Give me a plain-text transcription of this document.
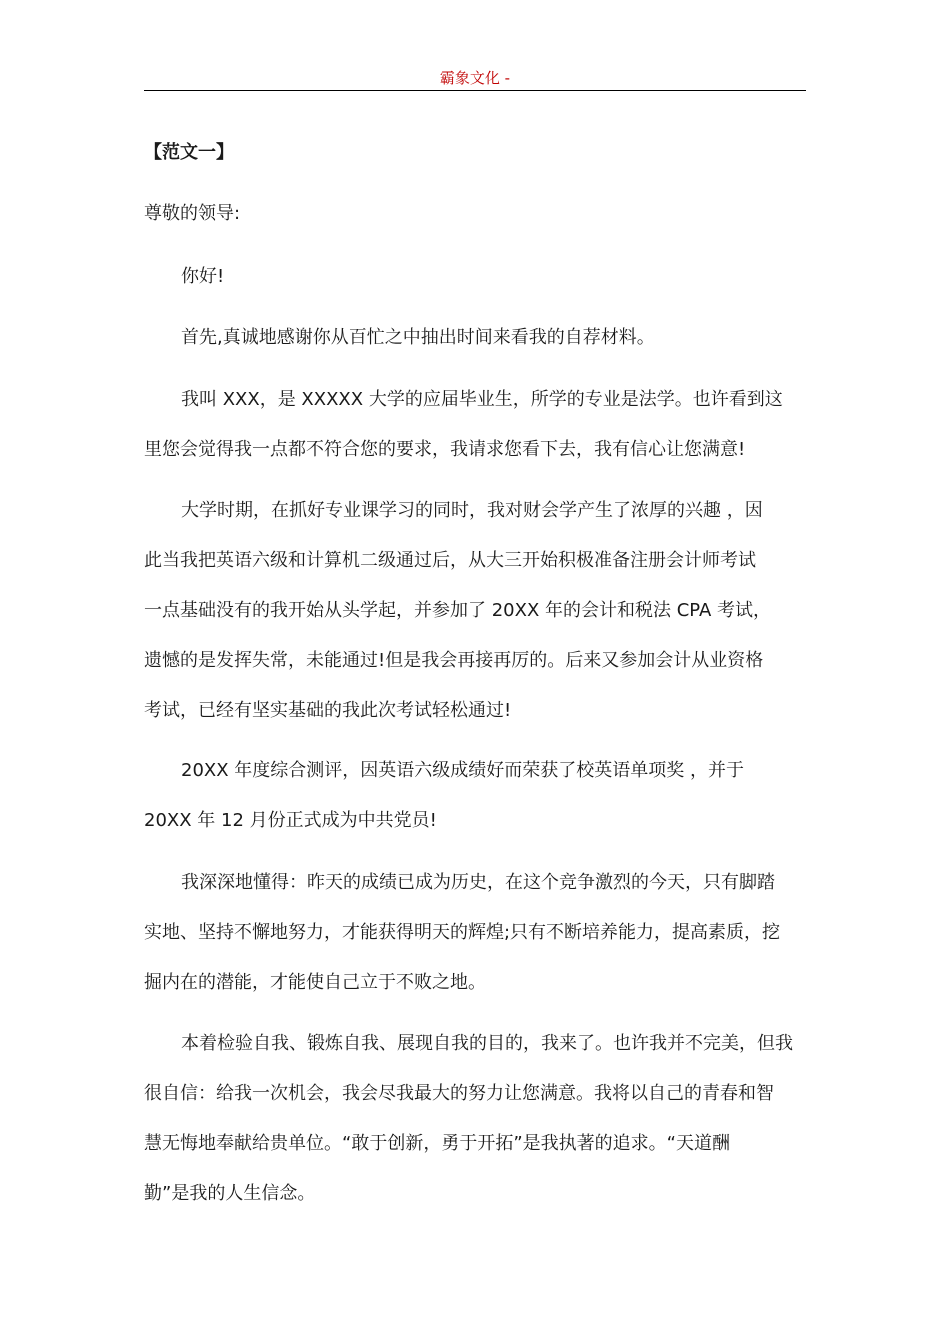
霸象文化 -
【范文一】
尊敬的领导:
你好!
首先,真诚地感谢你从百忙之中抽出时间来看我的自荐材料。
我叫 XXX，是 XXXXX 大学的应届毕业生，所学的专业是法学。也许看到这
里您会觉得我一点都不符合您的要求，我请求您看下去，我有信心让您满意!
大学时期，在抓好专业课学习的同时，我对财会学产生了浓厚的兴趣 ，因
此当我把英语六级和计算机二级通过后，从大三开始积极准备注册会计师考试
一点基础没有的我开始从头学起，并参加了 20XX 年的会计和税法 CPA 考试，
遗憾的是发挥失常，未能通过!但是我会再接再厉的。后来又参加会计从业资格
考试，已经有坚实基础的我此次考试轻松通过!
20XX 年度综合测评，因英语六级成绩好而荣获了校英语单项奖 ，并于
20XX 年 12 月份正式成为中共党员!
我深深地懂得：昨天的成绩已成为历史，在这个竞争激烈的今天，只有脚踏
实地、坚持不懈地努力，才能获得明天的辉煌;只有不断培养能力，提高素质，挖
掘内在的潜能，才能使自己立于不败之地。
本着检验自我、锻炼自我、展现自我的目的，我来了。也许我并不完美，但我
很自信：给我一次机会，我会尽我最大的努力让您满意。我将以自己的青春和智
慧无悔地奉献给贵单位。“敢于创新，勇于开拓”是我执著的追求。“天道酬
勤”是我的人生信念。
